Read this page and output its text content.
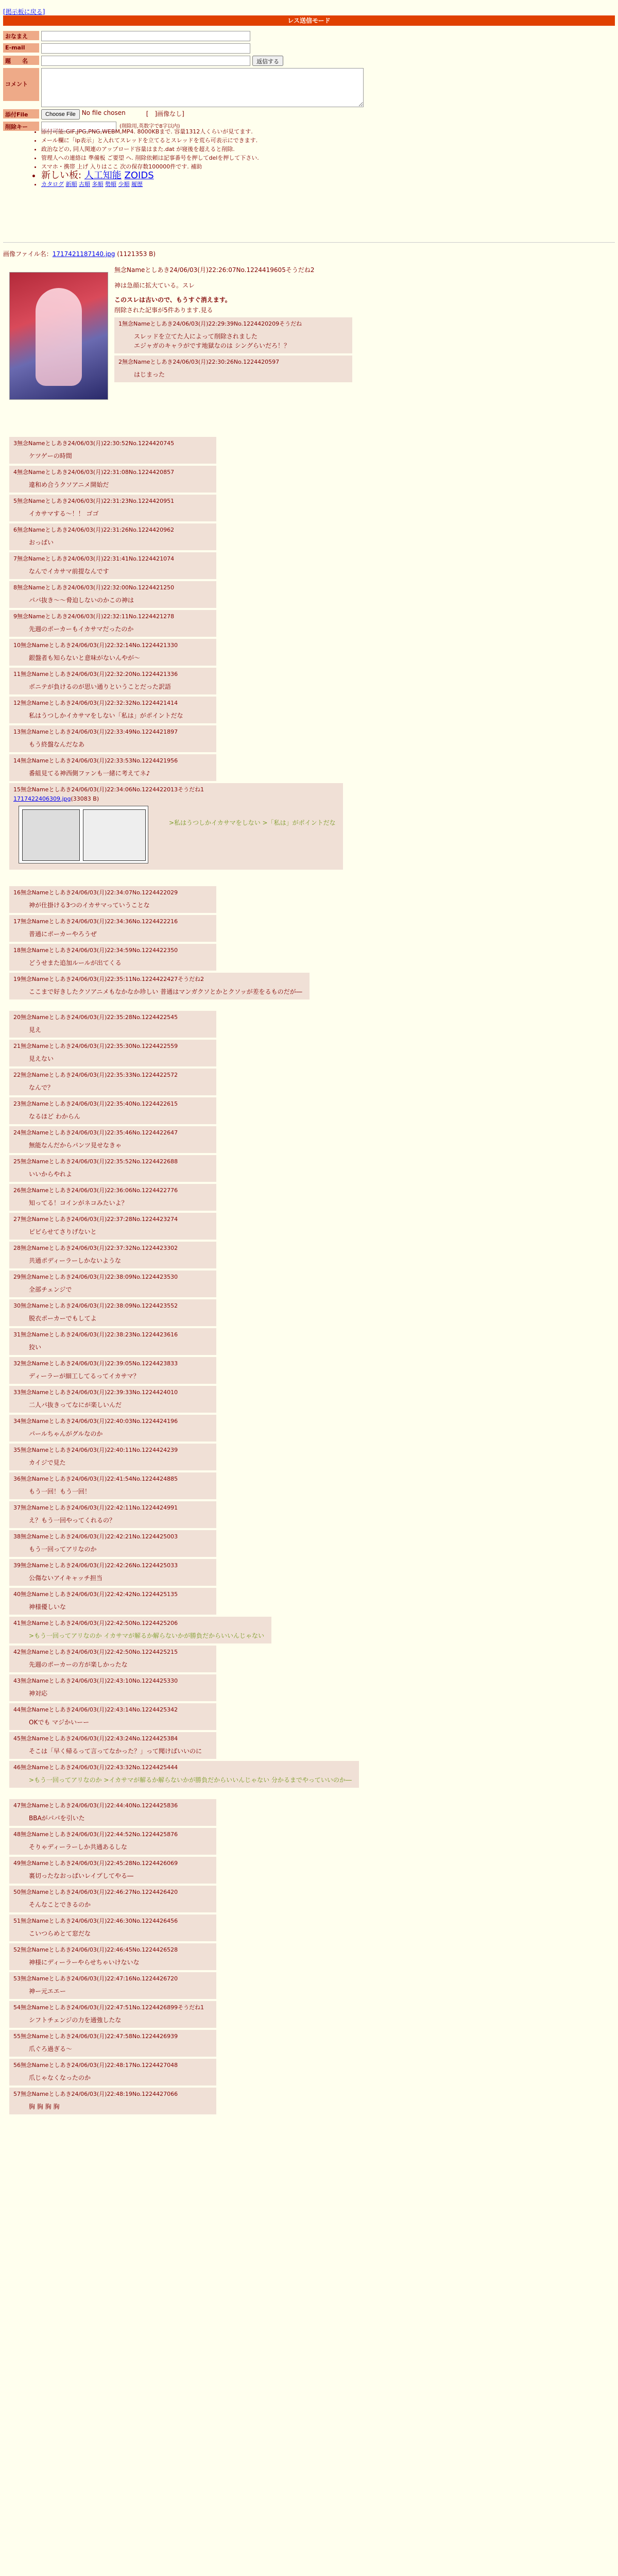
[掲示板に戻る]
レス送信モード
おなまえ
E-mail
題　　名	返信する
コメント
添付File	Choose File	No file chosen	[　]画像なし]
削除キー	(削除用,英数字で8字以内)
• 添付可能:GIF,JPG,PNG,WEBM,MP4. 8000KBまで. 容量1312人くらいが見てます.
• メール欄に「ip表示」と入れてスレッドを立てるとスレッドを荒ら可表示にできます.
• 政治などの, 同人関連のアップロード容量はまた.dat が寝後を超えると削除.
• 管理人への連絡は 準備板 ご要望 へ. 削除依頼は記事番号を押してdelを押して下さい.
• スマホ・携帯 上げ 入りはここ 次の保存数100000件です. 補助
• 新しい板: 人工知能 ZOIDS
• カタログ 新順 古順 多順 勢順 少順 履歴
画像ファイル名：1717421187140.jpg (1121353 B)
無念Nameとしあき24/06/03(月)22:26:07No.1224419605そうだね2
神は急顔に拡大ている。スレ
このスレは古いので、もうすぐ消えます。
削除された記事が5件あります.見る
1無念Nameとしあき24/06/03(月)22:29:39No.1224420209そうだね
スレッドを立てた人によって削除されました
エジャガのキャラがです地獄なのは シングらいだろ！？
2無念Nameとしあき24/06/03(月)22:30:26No.1224420597
はじまった
3 無念Nameとしあき24/06/03(月)22:30:52No.1224420745
ケツゲーの時間
4 無念Nameとしあき24/06/03(月)22:31:08No.1224420857
違和め合うクソアニメ開始だ
5 無念Nameとしあき24/06/03(月)22:31:23No.1224420951
イカサマする～！！ ゴゴ
6 無念Nameとしあき24/06/03(月)22:31:26No.1224420962
おっぱい
7 無念Nameとしあき24/06/03(月)22:31:41No.1224421074
なんでイカサマ前提なんです
8 無念Nameとしあき24/06/03(月)22:32:00No.1224421250
パパ抜き～～脅迫しないのかこの神は
9 無念Nameとしあき24/06/03(月)22:32:11No.1224421278
先週のポーカーもイカサマだったのか
10 無念Nameとしあき24/06/03(月)22:32:14No.1224421330
銀盤者も知らないと意味がないんやが～
11 無念Nameとしあき24/06/03(月)22:32:20No.1224421336
ボニテが負けるのが思い通りということだった訳語
12 無念Nameとしあき24/06/03(月)22:32:32No.1224421414
私はうつしかイカサマをしない「私は」がポイントだな
13 無念Nameとしあき24/06/03(月)22:33:49No.1224421897
もう終盤なんだなあ
14 無念Nameとしあき24/06/03(月)22:33:53No.1224421956
番組見てる神西側ファンも一緒に考えてネ♪
15 無念Nameとしあき24/06/03(月)22:34:06No.1224422013そうだね1
1717422406309.jpg(33083 B)
>私はうつしかイカサマをしない >「私は」がポイントだな
16 無念Nameとしあき24/06/03(月)22:34:07No.1224422029
神が仕掛ける3つのイカサマっていうことな
17 無念Nameとしあき24/06/03(月)22:34:36No.1224422216
普通にポーカーやろうぜ
18 無念Nameとしあき24/06/03(月)22:34:59No.1224422350
どうせまた追加ルールが出てくる
19 無念Nameとしあき24/06/03(月)22:35:11No.1224422427そうだね2
ここまで好きしたクソアニメもなかなか珍しい 普通はマンガクソとかとクソッが差をるものだが―
20 無念Nameとしあき24/06/03(月)22:35:28No.1224422545
見え
21 無念Nameとしあき24/06/03(月)22:35:30No.1224422559
見えない
22 無念Nameとしあき24/06/03(月)22:35:33No.1224422572
なんで？
23 無念Nameとしあき24/06/03(月)22:35:40No.1224422615
なるほど わからん
24 無念Nameとしあき24/06/03(月)22:35:46No.1224422647
無能なんだからパンツ見せなきゃ
25 無念Nameとしあき24/06/03(月)22:35:52No.1224422688
いいからやれよ
26 無念Nameとしあき24/06/03(月)22:36:06No.1224422776
知ってる！コインがネコみたいよ？
27 無念Nameとしあき24/06/03(月)22:37:28No.1224423274
ピピらせてさりげないと
28 無念Nameとしあき24/06/03(月)22:37:32No.1224423302
共通ポディーラーしかないような
29 無念Nameとしあき24/06/03(月)22:38:09No.1224423530
全部チェンジで
30 無念Nameとしあき24/06/03(月)22:38:09No.1224423552
脱衣ポーカーでもしてよ
31 無念Nameとしあき24/06/03(月)22:38:23No.1224423616
狡い
32 無念Nameとしあき24/06/03(月)22:39:05No.1224423833
ディーラーが細工してるってイカサマ？
33 無念Nameとしあき24/06/03(月)22:39:33No.1224424010
二人パ抜きってなにが楽しいんだ
34 無念Nameとしあき24/06/03(月)22:40:03No.1224424196
パールちゃんがグルなのか
35 無念Nameとしあき24/06/03(月)22:40:11No.1224424239
カイジで見た
36 無念Nameとしあき24/06/03(月)22:41:54No.1224424885
もう一回！もう一回！
37 無念Nameとしあき24/06/03(月)22:42:11No.1224424991
え？もう一回やってくれるの？
38 無念Nameとしあき24/06/03(月)22:42:21No.1224425003
もう一回ってアリなのか
39 無念Nameとしあき24/06/03(月)22:42:26No.1224425033
公傷ないアイキャッチ担当
40 無念Nameとしあき24/06/03(月)22:42:42No.1224425135
神様優しいな
41 無念Nameとしあき24/06/03(月)22:42:50No.1224425206
>もう一回ってアリなのか イカサマが解るか解らないかが勝負だからいいんじゃない
42 無念Nameとしあき24/06/03(月)22:42:50No.1224425215
先週のポーカーの方が楽しかったな
43 無念Nameとしあき24/06/03(月)22:43:10No.1224425330
神対応
44 無念Nameとしあき24/06/03(月)22:43:14No.1224425342
OKでも マジかいーー
45 無念Nameとしあき24/06/03(月)22:43:24No.1224425384
そこは「早く帰るって言ってなかった？」って聞けばいいのに
46 無念Nameとしあき24/06/03(月)22:43:32No.1224425444
>もう一回ってアリなのか >イカサマが解るか解らないかが勝負だからいいんじゃない 分かるまでやっていいのか―
47 無念Nameとしあき24/06/03(月)22:44:40No.1224425836
BBAがパパを引いた
48 無念Nameとしあき24/06/03(月)22:44:52No.1224425876
そりゃディーラーしか共通あるしな
49 無念Nameとしあき24/06/03(月)22:45:28No.1224426069
裏切ったなおっぱいレイプしてやる―
50 無念Nameとしあき24/06/03(月)22:46:27No.1224426420
そんなことできるのか
51 無念Nameとしあき24/06/03(月)22:46:30No.1224426456
こいつらめとて窓だな
52 無念Nameとしあき24/06/03(月)22:46:45No.1224426528
神様にディーラーやらせちゃいけないな
53 無念Nameとしあき24/06/03(月)22:47:16No.1224426720
神ー元エエー
54 無念Nameとしあき24/06/03(月)22:47:51No.1224426899そうだね1
シフトチェンジの力を通強したな
55 無念Nameとしあき24/06/03(月)22:47:58No.1224426939
爪ぐろ過ぎる～
56 無念Nameとしあき24/06/03(月)22:48:17No.1224427048
爪じゃなくなったのか
57 無念Nameとしあき24/06/03(月)22:48:19No.1224427066
胸 胸 胸 胸
